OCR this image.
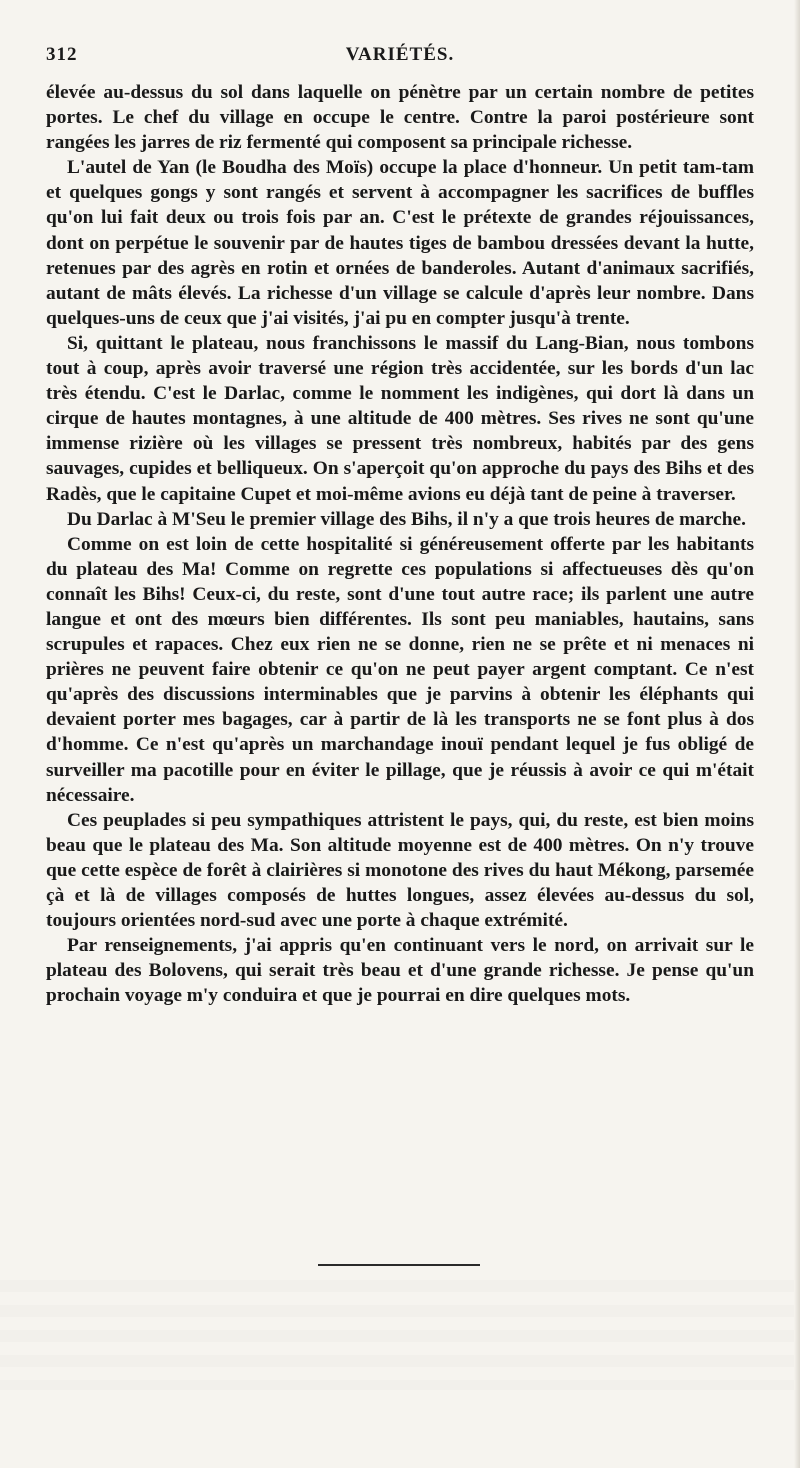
312	VARIÉTÉS.

élevée au-dessus du sol dans laquelle on pénètre par un certain nombre de petites portes. Le chef du village en occupe le centre. Contre la paroi postérieure sont rangées les jarres de riz fermenté qui composent sa principale richesse.

L'autel de Yan (le Boudha des Moïs) occupe la place d'honneur. Un petit tam-tam et quelques gongs y sont rangés et servent à accompagner les sacrifices de buffles qu'on lui fait deux ou trois fois par an. C'est le prétexte de grandes réjouissances, dont on perpétue le souvenir par de hautes tiges de bambou dressées devant la hutte, retenues par des agrès en rotin et ornées de banderoles. Autant d'animaux sacrifiés, autant de mâts élevés. La richesse d'un village se calcule d'après leur nombre. Dans quelques-uns de ceux que j'ai visités, j'ai pu en compter jusqu'à trente.

Si, quittant le plateau, nous franchissons le massif du Lang-Bian, nous tombons tout à coup, après avoir traversé une région très accidentée, sur les bords d'un lac très étendu. C'est le Darlac, comme le nomment les indigènes, qui dort là dans un cirque de hautes montagnes, à une altitude de 400 mètres. Ses rives ne sont qu'une immense rizière où les villages se pressent très nombreux, habités par des gens sauvages, cupides et belliqueux. On s'aperçoit qu'on approche du pays des Bihs et des Radès, que le capitaine Cupet et moi-même avions eu déjà tant de peine à traverser.

Du Darlac à M'Seu le premier village des Bihs, il n'y a que trois heures de marche.

Comme on est loin de cette hospitalité si généreusement offerte par les habitants du plateau des Ma! Comme on regrette ces populations si affectueuses dès qu'on connaît les Bihs! Ceux-ci, du reste, sont d'une tout autre race; ils parlent une autre langue et ont des mœurs bien différentes. Ils sont peu maniables, hautains, sans scrupules et rapaces. Chez eux rien ne se donne, rien ne se prête et ni menaces ni prières ne peuvent faire obtenir ce qu'on ne peut payer argent comptant. Ce n'est qu'après des discussions interminables que je parvins à obtenir les éléphants qui devaient porter mes bagages, car à partir de là les transports ne se font plus à dos d'homme. Ce n'est qu'après un marchandage inouï pendant lequel je fus obligé de surveiller ma pacotille pour en éviter le pillage, que je réussis à avoir ce qui m'était nécessaire.

Ces peuplades si peu sympathiques attristent le pays, qui, du reste, est bien moins beau que le plateau des Ma. Son altitude moyenne est de 400 mètres. On n'y trouve que cette espèce de forêt à clairières si monotone des rives du haut Mékong, parsemée çà et là de villages composés de huttes longues, assez élevées au-dessus du sol, toujours orientées nord-sud avec une porte à chaque extrémité.

Par renseignements, j'ai appris qu'en continuant vers le nord, on arrivait sur le plateau des Bolovens, qui serait très beau et d'une grande richesse. Je pense qu'un prochain voyage m'y conduira et que je pourrai en dire quelques mots.
